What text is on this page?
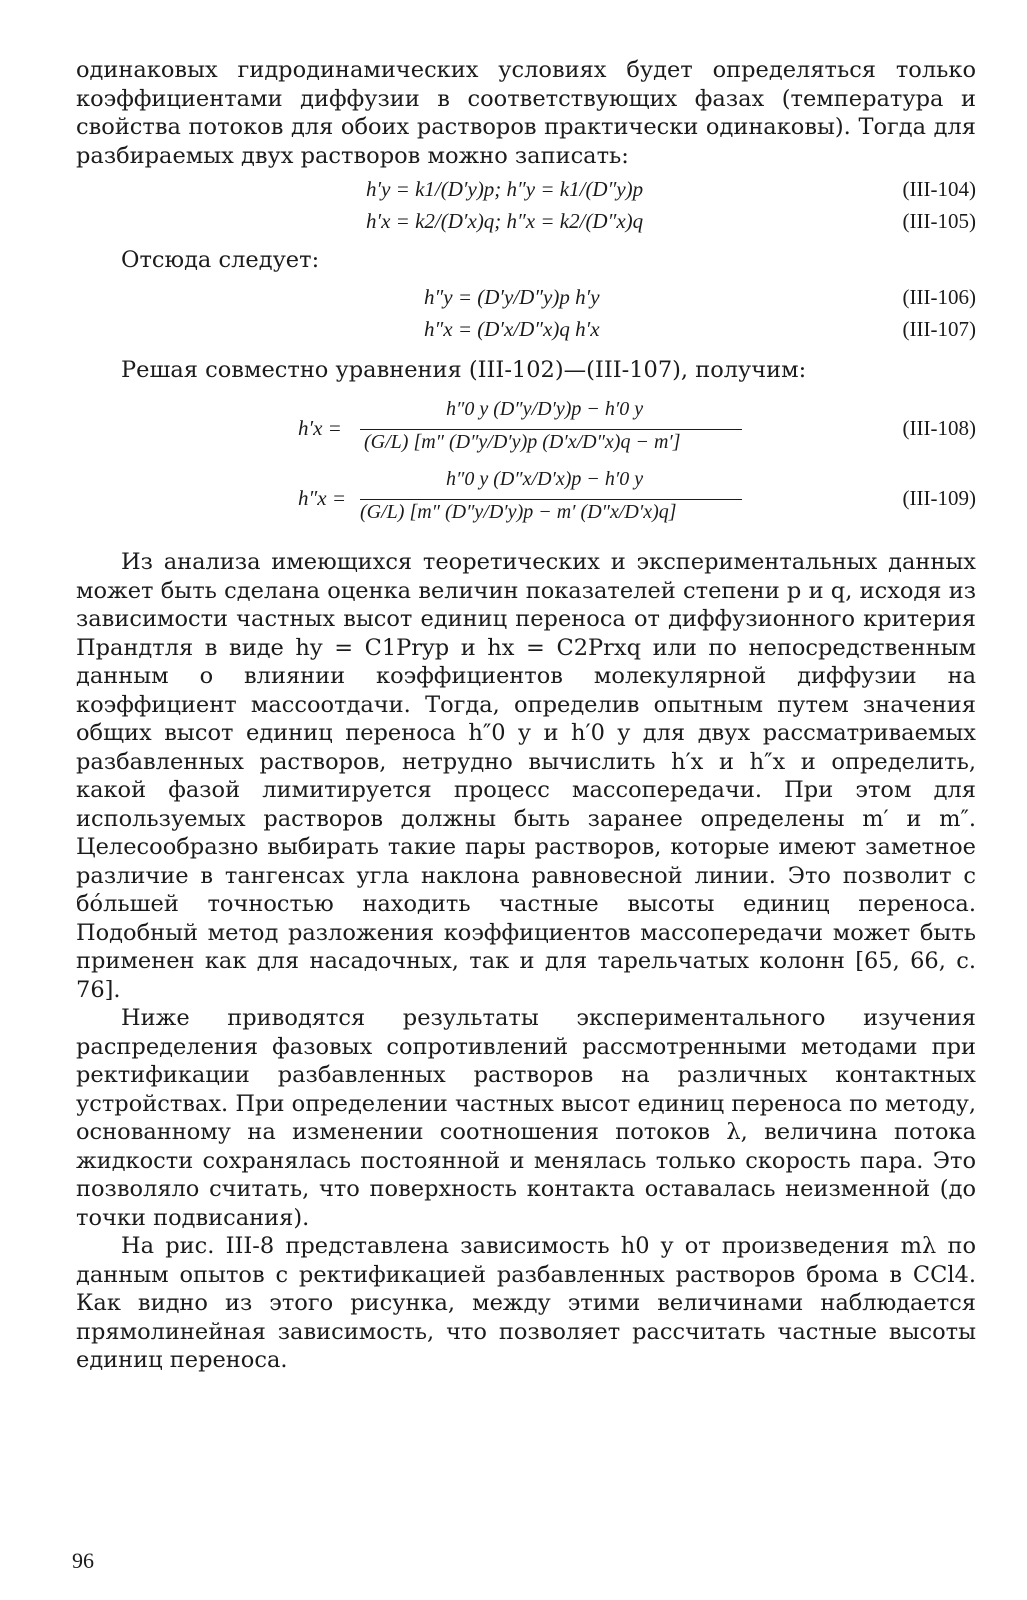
одинаковых гидродинамических условиях будет определяться только коэффициентами диффузии в соответствующих фазах (температура и свойства потоков для обоих растворов практически одинаковы). Тогда для разбираемых двух растворов можно записать:

h′y = k1/(D′y)p; h″y = k1/(D″y)p	(III-104)
h′x = k2/(D′x)q; h″x = k2/(D″x)q	(III-105)
Отсюда следует:
h″y = (D′y/D″y)p h′y	(III-106)
h″x = (D′x/D″x)q h′x	(III-107)
Решая совместно уравнения (III-102)—(III-107), получим:
h′x =
h″0 y (D″y/D′y)p − h′0 y
(G/L) [m″ (D″y/D′y)p (D′x/D″x)q − m′]
(III-108)
h″x =
h″0 y (D″x/D′x)p − h′0 y
(G/L) [m″ (D″y/D′y)p − m′ (D″x/D′x)q]
(III-109)

Из анализа имеющихся теоретических и экспериментальных данных может быть сделана оценка величин показателей степени p и q, исходя из зависимости частных высот единиц переноса от диффузионного критерия Прандтля в виде hy = C1Pryp и hx = C2Prxq или по непосредственным данным о влиянии коэффициентов молекулярной диффузии на коэффициент массоотдачи. Тогда, определив опытным путем значения общих высот единиц переноса h″0 y и h′0 y для двух рассматриваемых разбавленных растворов, нетрудно вычислить h′x и h″x и определить, какой фазой лимитируется процесс массопередачи. При этом для используемых растворов должны быть заранее определены m′ и m″. Целесообразно выбирать такие пары растворов, которые имеют заметное различие в тангенсах угла наклона равновесной линии. Это позволит с бóльшей точностью находить частные высоты единиц переноса. Подобный метод разложения коэффициентов массопередачи может быть применен как для насадочных, так и для тарельчатых колонн [65, 66, с. 76].

Ниже приводятся результаты экспериментального изучения распределения фазовых сопротивлений рассмотренными методами при ректификации разбавленных растворов на различных контактных устройствах. При определении частных высот единиц переноса по методу, основанному на изменении соотношения потоков λ, величина потока жидкости сохранялась постоянной и менялась только скорость пара. Это позволяло считать, что поверхность контакта оставалась неизменной (до точки подвисания).

На рис. III-8 представлена зависимость h0 y от произведения mλ по данным опытов с ректификацией разбавленных растворов брома в CCl4. Как видно из этого рисунка, между этими величинами наблюдается прямолинейная зависимость, что позволяет рассчитать частные высоты единиц переноса.

96
